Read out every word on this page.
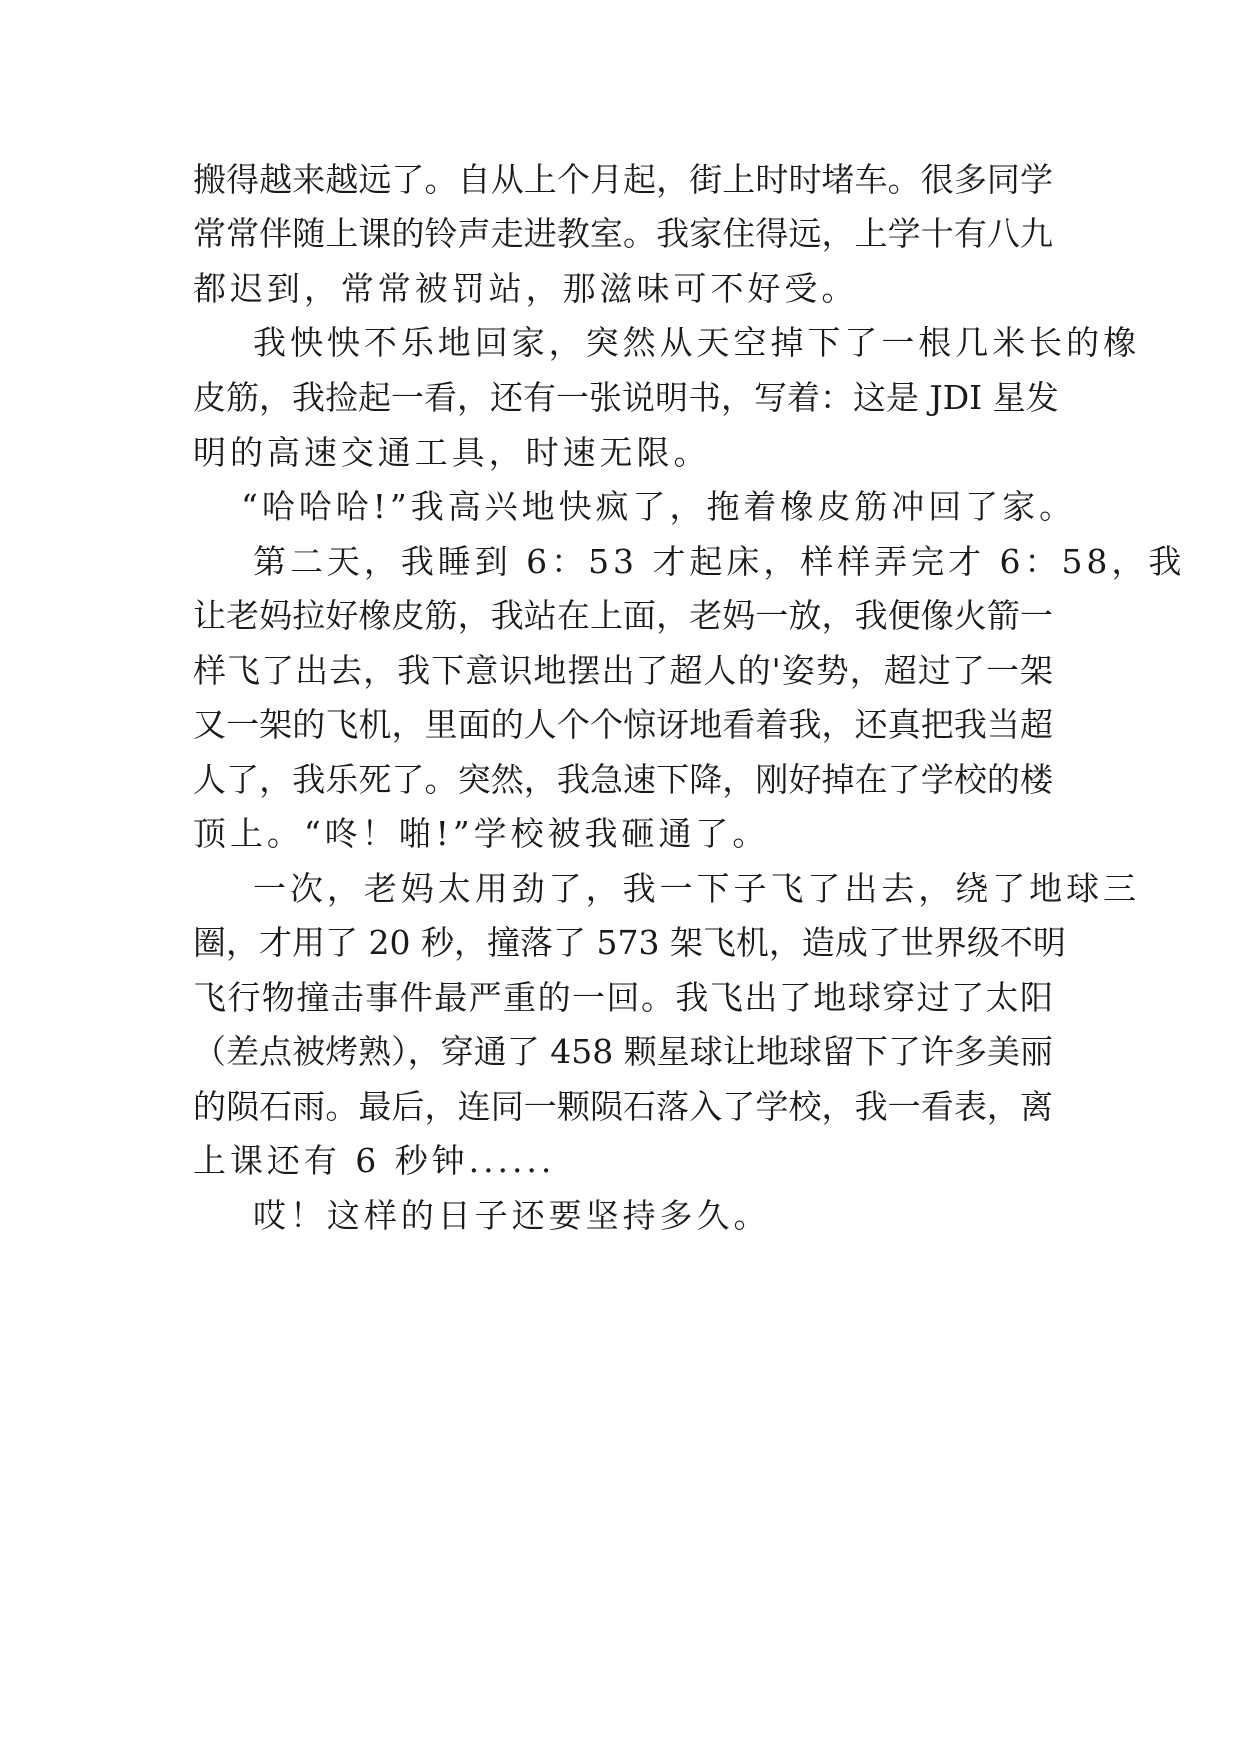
搬得越来越远了。自从上个月起，街上时时堵车。很多同学
常常伴随上课的铃声走进教室。我家住得远，上学十有八九
都迟到，常常被罚站，那滋味可不好受。
我怏怏不乐地回家，突然从天空掉下了一根几米长的橡
皮筋，我捡起一看，还有一张说明书，写着：这是 JDI 星发
明的高速交通工具，时速无限。
“哈哈哈!”我高兴地快疯了，拖着橡皮筋冲回了家。
第二天，我睡到 6：53 才起床，样样弄完才 6：58，我
让老妈拉好橡皮筋，我站在上面，老妈一放，我便像火箭一
样飞了出去，我下意识地摆出了超人的'姿势，超过了一架
又一架的飞机，里面的人个个惊讶地看着我，还真把我当超
人了，我乐死了。突然，我急速下降，刚好掉在了学校的楼
顶上。“咚！啪!”学校被我砸通了。
一次，老妈太用劲了，我一下子飞了出去，绕了地球三
圈，才用了 20 秒，撞落了 573 架飞机，造成了世界级不明
飞行物撞击事件最严重的一回。我飞出了地球穿过了太阳
（差点被烤熟），穿通了 458 颗星球让地球留下了许多美丽
的陨石雨。最后，连同一颗陨石落入了学校，我一看表，离
上课还有 6 秒钟......
哎！这样的日子还要坚持多久。
